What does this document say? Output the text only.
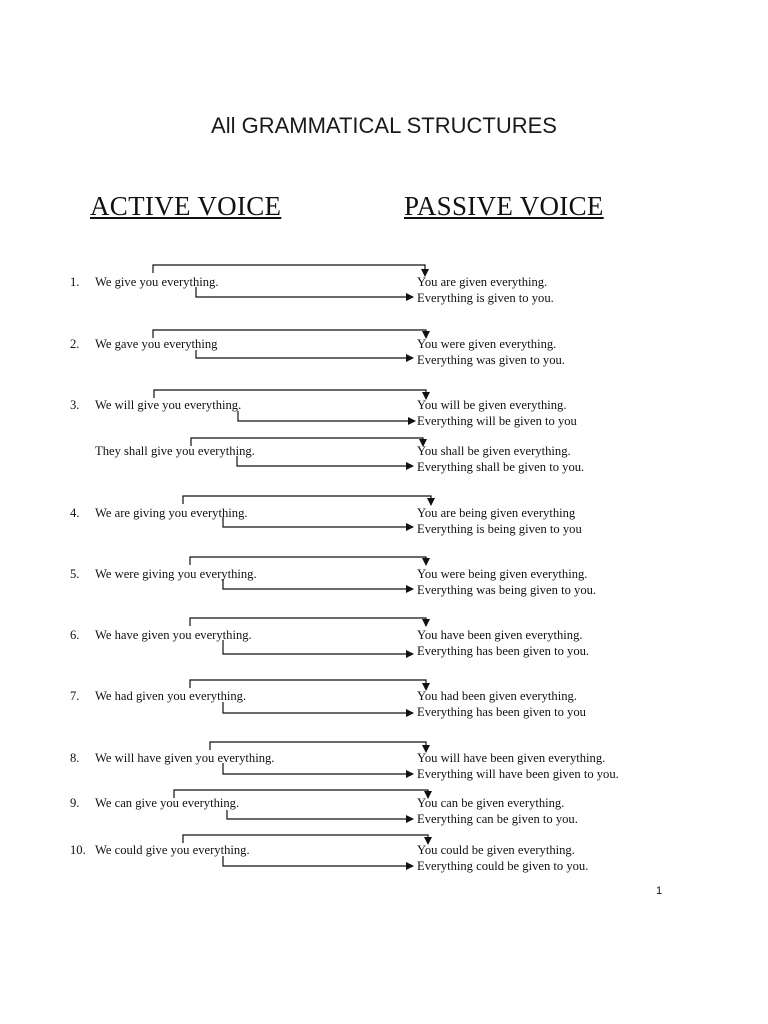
All GRAMMATICAL STRUCTURES
ACTIVE VOICE	PASSIVE VOICE
1.	We give you everything.	You are given everything.
Everything is given to you.
2.	We gave you everything	You were given everything.
Everything was given to you.
3.	We will give you everything.	You will be given everything.
Everything will be given to you
They shall give you everything.	You shall be given everything.
Everything shall be given to you.
4.	We are giving you everything.	You are being given everything
Everything is being given to you
5.	We were giving you everything.	You were being given everything.
Everything was being given to you.
6.	We have given you everything.	You have been given everything.
Everything has been given to you.
7.	We had given you everything.	You had been given everything.
Everything has been given to you
8.	We will have given you everything.	You will have been given everything.
Everything will have been given to you.
9.	We can give you everything.	You can be given everything.
Everything can be given to you.
10. We could give you everything.	You could be given everything.
Everything could be given to you.
1
